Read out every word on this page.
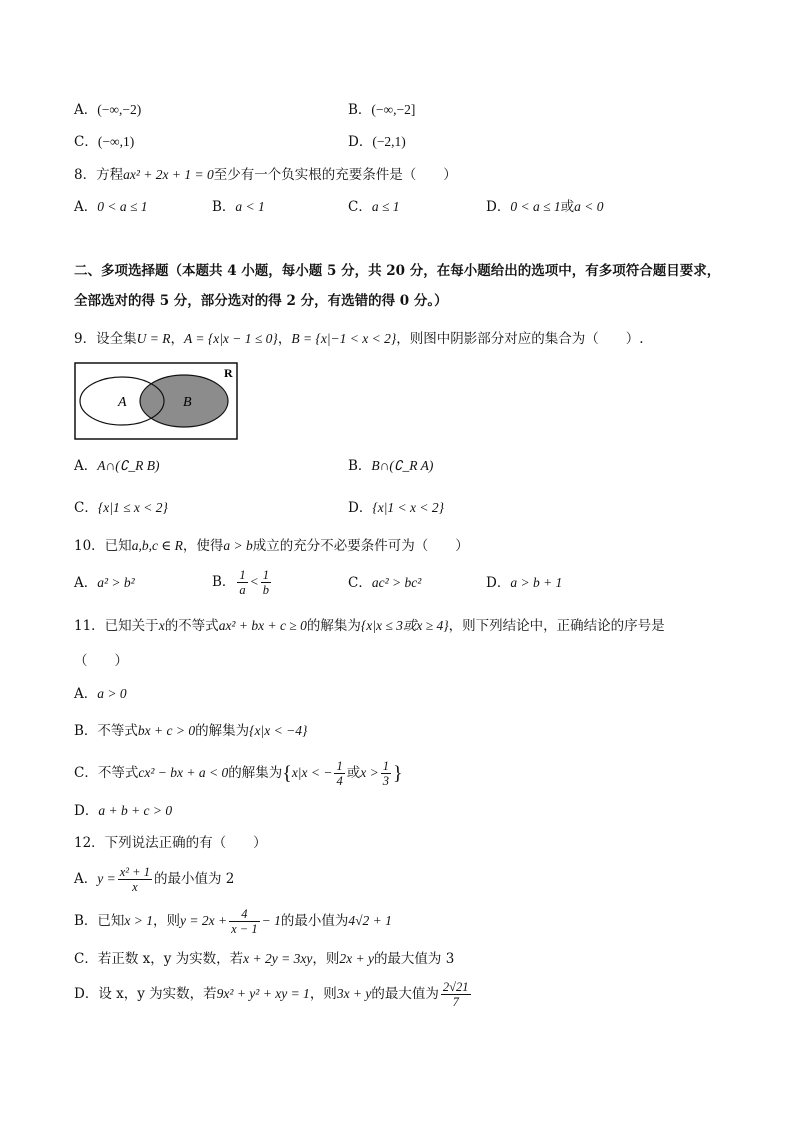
A．(−∞,−2)	B．(−∞,−2]
C．(−∞,1)	D．(−2,1)
8．方程ax² + 2x + 1 = 0至少有一个负实根的充要条件是（　　）
A．0 < a ≤ 1	B．a < 1	C．a ≤ 1	D．0 < a ≤ 1或a < 0
二、多项选择题（本题共 4 小题，每小题 5 分，共 20 分，在每小题给出的选项中，有多项符合题目要求，
全部选对的得 5 分，部分选对的得 2 分，有选错的得 0 分。）
9．设全集U = R，A = {x|x − 1 ≤ 0}，B = {x|−1 < x < 2}，则图中阴影部分对应的集合为（　　）.
A	B
R
A．A∩(∁_R B)	B．B∩(∁_R A)
C．{x|1 ≤ x < 2}	D．{x|1 < x < 2}
10．已知a,b,c ∈ R，使得a > b成立的充分不必要条件可为（　　）
A．a² > b²	B． $\frac{1}{a} < \frac{1}{b}$	C．ac² > bc²	D．a > b + 1
11．已知关于x的不等式ax² + bx + c ≥ 0的解集为{x|x ≤ 3或x ≥ 4}，则下列结论中，正确结论的序号是
（　　）
A．a > 0
B．不等式bx + c > 0的解集为{x|x < −4}
C．不等式cx² − bx + a < 0的解集为{x|x < − $\frac{1}{4}$ 或$x > \frac{1}{3}$ }
D．a + b + c > 0
12．下列说法正确的有（　　）
A．$y = \frac{\text{x² + 1}}{x}$ 的最小值为 2
B．已知x > 1，则$y = 2x + \frac{4}{x - 1} - 1$的最小值为4√2 + 1
C．若正数 x，y 为实数，若x + 2y = 3xy，则2x + y的最大值为 3
D．设 x，y 为实数，若9x² + y² + xy = 1，则3x + y的最大值为 $\frac{2√21}{7}$
